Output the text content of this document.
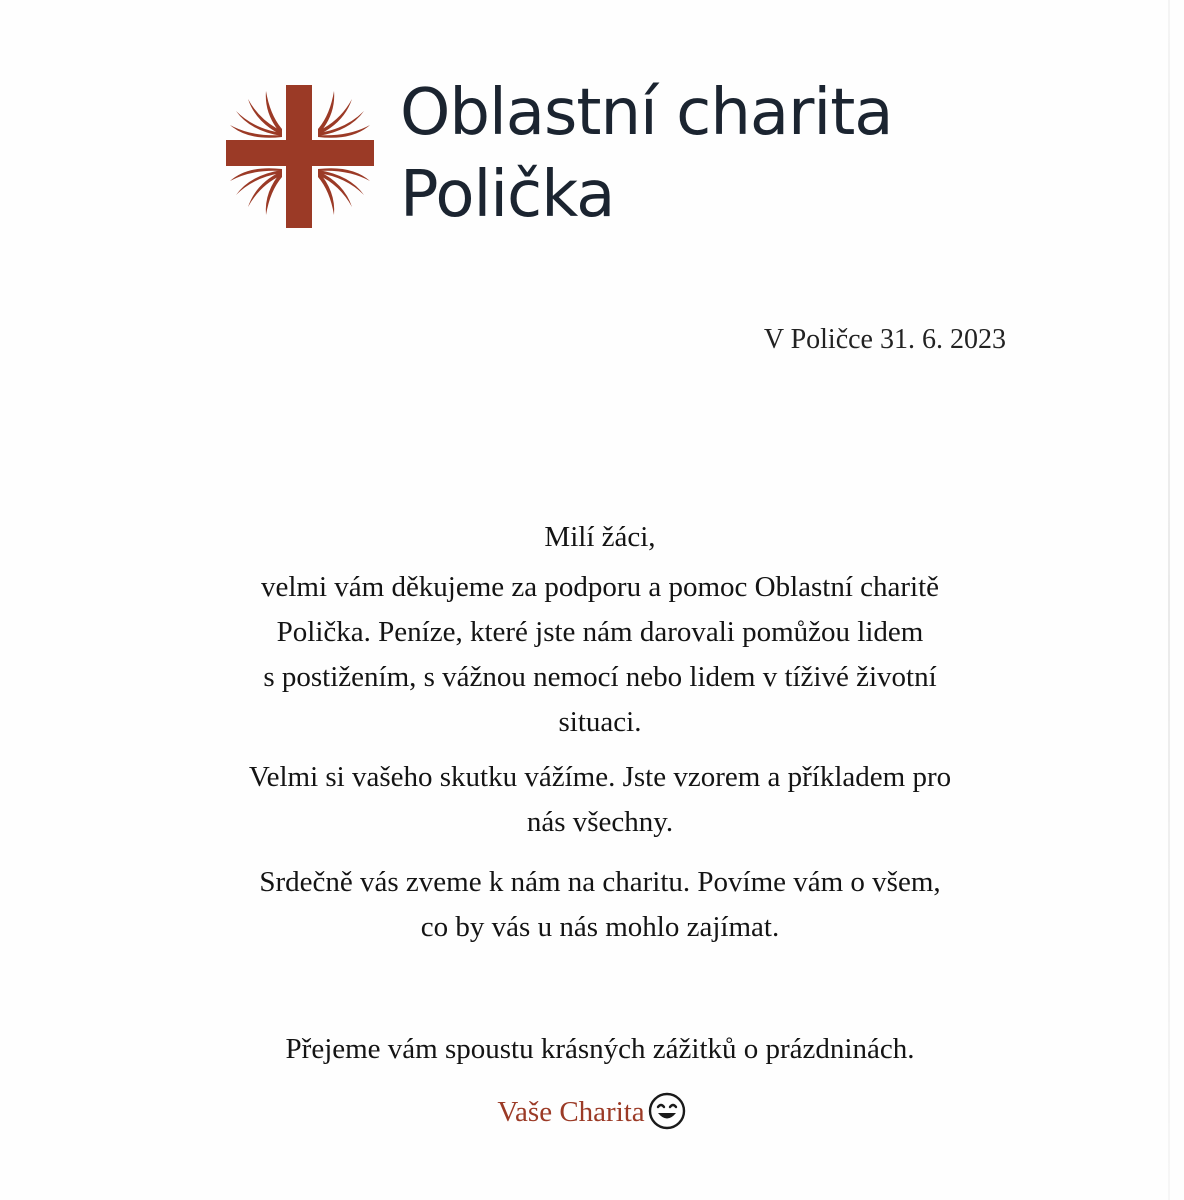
Oblastní charita
Polička
V Poličce 31. 6. 2023

Milí žáci,

velmi vám děkujeme za podporu a pomoc Oblastní charitě

Polička. Peníze, které jste nám darovali pomůžou lidem

s postižením, s vážnou nemocí nebo lidem v tíživé životní

situaci.

Velmi si vašeho skutku vážíme. Jste vzorem a příkladem pro

nás všechny.

Srdečně vás zveme k nám na charitu. Povíme vám o všem,

co by vás u nás mohlo zajímat.

Přejeme vám spoustu krásných zážitků o prázdninách.

Vaše Charita
